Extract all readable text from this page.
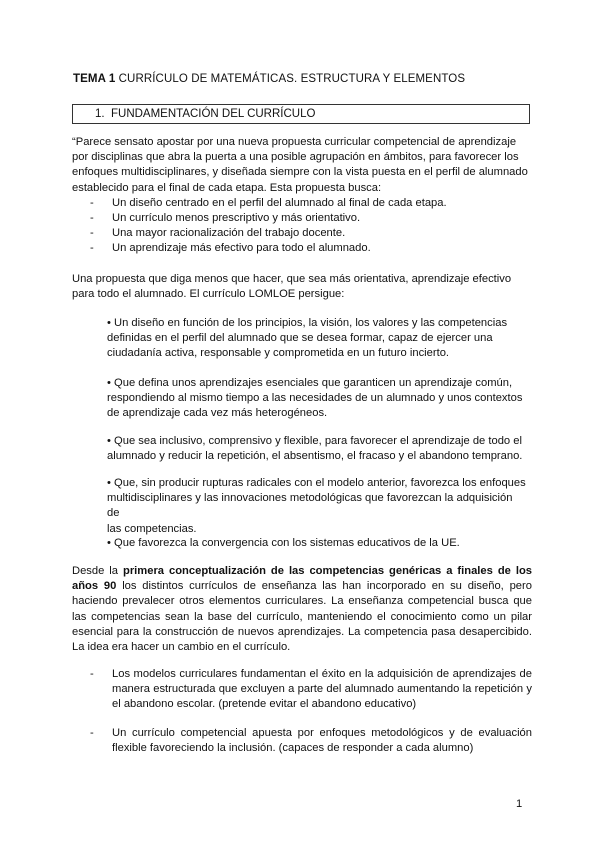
TEMA 1 CURRÍCULO DE MATEMÁTICAS. ESTRUCTURA Y ELEMENTOS
1. FUNDAMENTACIÓN DEL CURRÍCULO
“Parece sensato apostar por una nueva propuesta curricular competencial de aprendizaje
por disciplinas que abra la puerta a una posible agrupación en ámbitos, para favorecer los
enfoques multidisciplinares, y diseñada siempre con la vista puesta en el perfil de alumnado
establecido para el final de cada etapa. Esta propuesta busca:
- Un diseño centrado en el perfil del alumnado al final de cada etapa.
- Un currículo menos prescriptivo y más orientativo.
- Una mayor racionalización del trabajo docente.
- Un aprendizaje más efectivo para todo el alumnado.
Una propuesta que diga menos que hacer, que sea más orientativa, aprendizaje efectivo
para todo el alumnado. El currículo LOMLOE persigue:
• Un diseño en función de los principios, la visión, los valores y las competencias
definidas en el perfil del alumnado que se desea formar, capaz de ejercer una
ciudadanía activa, responsable y comprometida en un futuro incierto.
• Que defina unos aprendizajes esenciales que garanticen un aprendizaje común,
respondiendo al mismo tiempo a las necesidades de un alumnado y unos contextos
de aprendizaje cada vez más heterogéneos.
• Que sea inclusivo, comprensivo y flexible, para favorecer el aprendizaje de todo el
alumnado y reducir la repetición, el absentismo, el fracaso y el abandono temprano.
• Que, sin producir rupturas radicales con el modelo anterior, favorezca los enfoques
multidisciplinares y las innovaciones metodológicas que favorezcan la adquisición de
las competencias.
• Que favorezca la convergencia con los sistemas educativos de la UE.
Desde la primera conceptualización de las competencias genéricas a finales de los
años 90 los distintos currículos de enseñanza las han incorporado en su diseño, pero
haciendo prevalecer otros elementos curriculares. La enseñanza competencial busca que
las competencias sean la base del currículo, manteniendo el conocimiento como un pilar
esencial para la construcción de nuevos aprendizajes. La competencia pasa desapercibido.
La idea era hacer un cambio en el currículo.
- Los modelos curriculares fundamentan el éxito en la adquisición de aprendizajes de
manera estructurada que excluyen a parte del alumnado aumentando la repetición y
el abandono escolar. (pretende evitar el abandono educativo)
- Un currículo competencial apuesta por enfoques metodológicos y de evaluación
flexible favoreciendo la inclusión. (capaces de responder a cada alumno)
1
